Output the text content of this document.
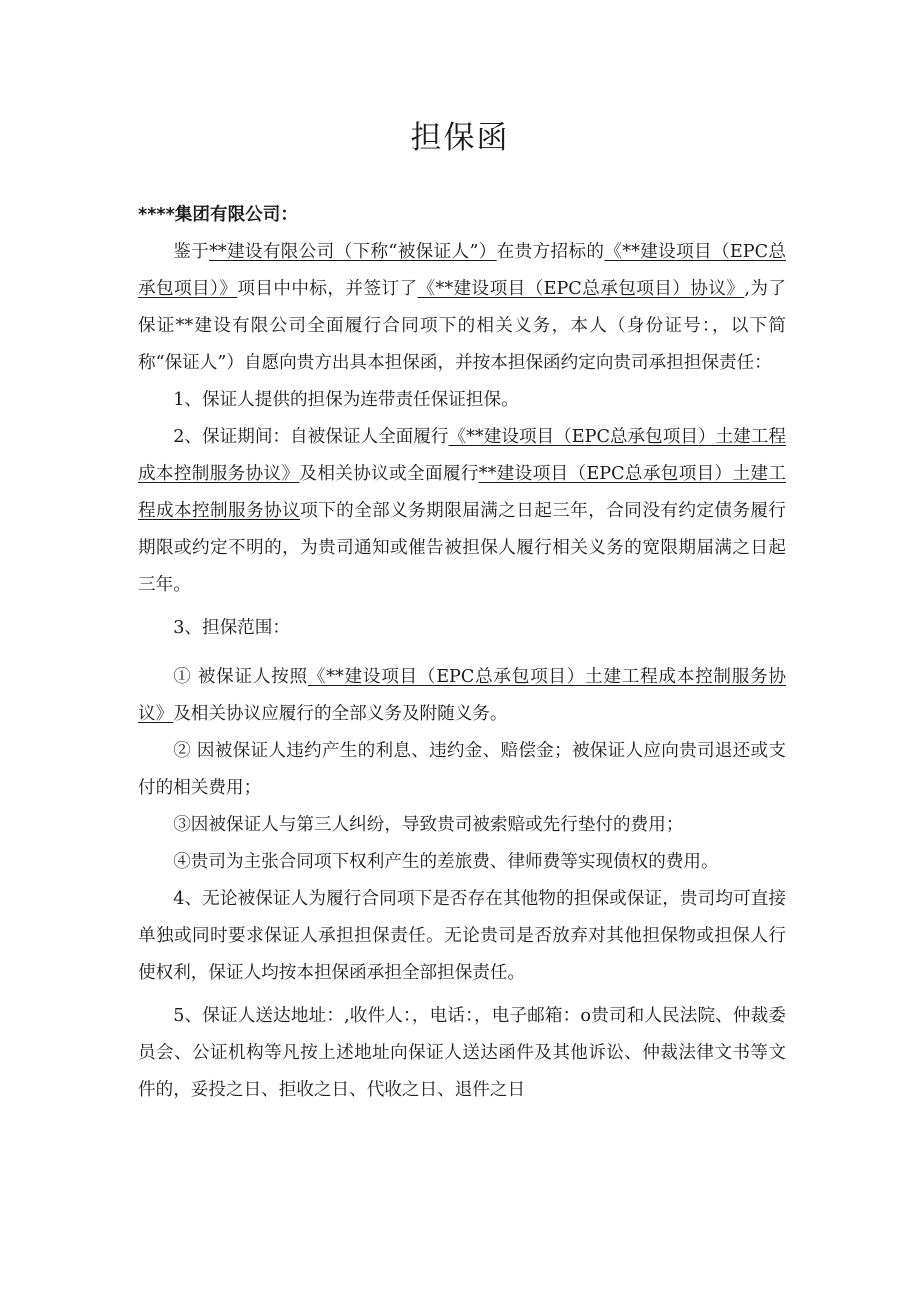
担保函

****集团有限公司：

鉴于**建设有限公司（下称“被保证人”）在贵方招标的《**建设项目（EPC总承包项目）》项目中中标，并签订了《**建设项目（EPC总承包项目）协议》,为了保证**建设有限公司全面履行合同项下的相关义务，本人（身份证号：，以下简称“保证人”）自愿向贵方出具本担保函，并按本担保函约定向贵司承担担保责任：

1、保证人提供的担保为连带责任保证担保。

2、保证期间：自被保证人全面履行《**建设项目（EPC总承包项目）土建工程成本控制服务协议》及相关协议或全面履行**建设项目（EPC总承包项目）土建工程成本控制服务协议项下的全部义务期限届满之日起三年，合同没有约定债务履行期限或约定不明的，为贵司通知或催告被担保人履行相关义务的宽限期届满之日起三年。

3、担保范围：

① 被保证人按照《**建设项目（EPC总承包项目）土建工程成本控制服务协议》及相关协议应履行的全部义务及附随义务。

② 因被保证人违约产生的利息、违约金、赔偿金；被保证人应向贵司退还或支付的相关费用；

③因被保证人与第三人纠纷，导致贵司被索赔或先行垫付的费用；

④贵司为主张合同项下权利产生的差旅费、律师费等实现债权的费用。

4、无论被保证人为履行合同项下是否存在其他物的担保或保证，贵司均可直接单独或同时要求保证人承担担保责任。无论贵司是否放弃对其他担保物或担保人行使权利，保证人均按本担保函承担全部担保责任。

5、保证人送达地址：,收件人：，电话：，电子邮箱：o贵司和人民法院、仲裁委员会、公证机构等凡按上述地址向保证人送达函件及其他诉讼、仲裁法律文书等文件的，妥投之日、拒收之日、代收之日、退件之日
